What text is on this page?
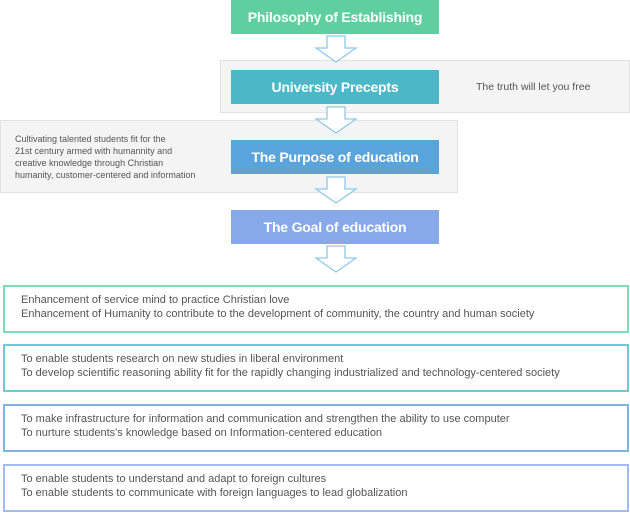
Philosophy of Establishing
University Precepts
The Purpose of education
The Goal of education
The truth will let you free
Cultivating talented students fit for the
21st century armed with humannity and
creative knowledge through Christian
humanity, customer-centered and information
Enhancement of service mind to practice Christian love
Enhancement of Humanity to contribute to the development of community, the country and human society
To enable students research on new studies in liberal environment
To develop scientific reasoning ability fit for the rapidly changing industrialized and technology-centered society
To make infrastructure for information and communication and strengthen the ability to use computer
To nurture students's knowledge based on Information-centered education
To enable students to understand and adapt to foreign cultures
To enable students to communicate with foreign languages to lead globalization
